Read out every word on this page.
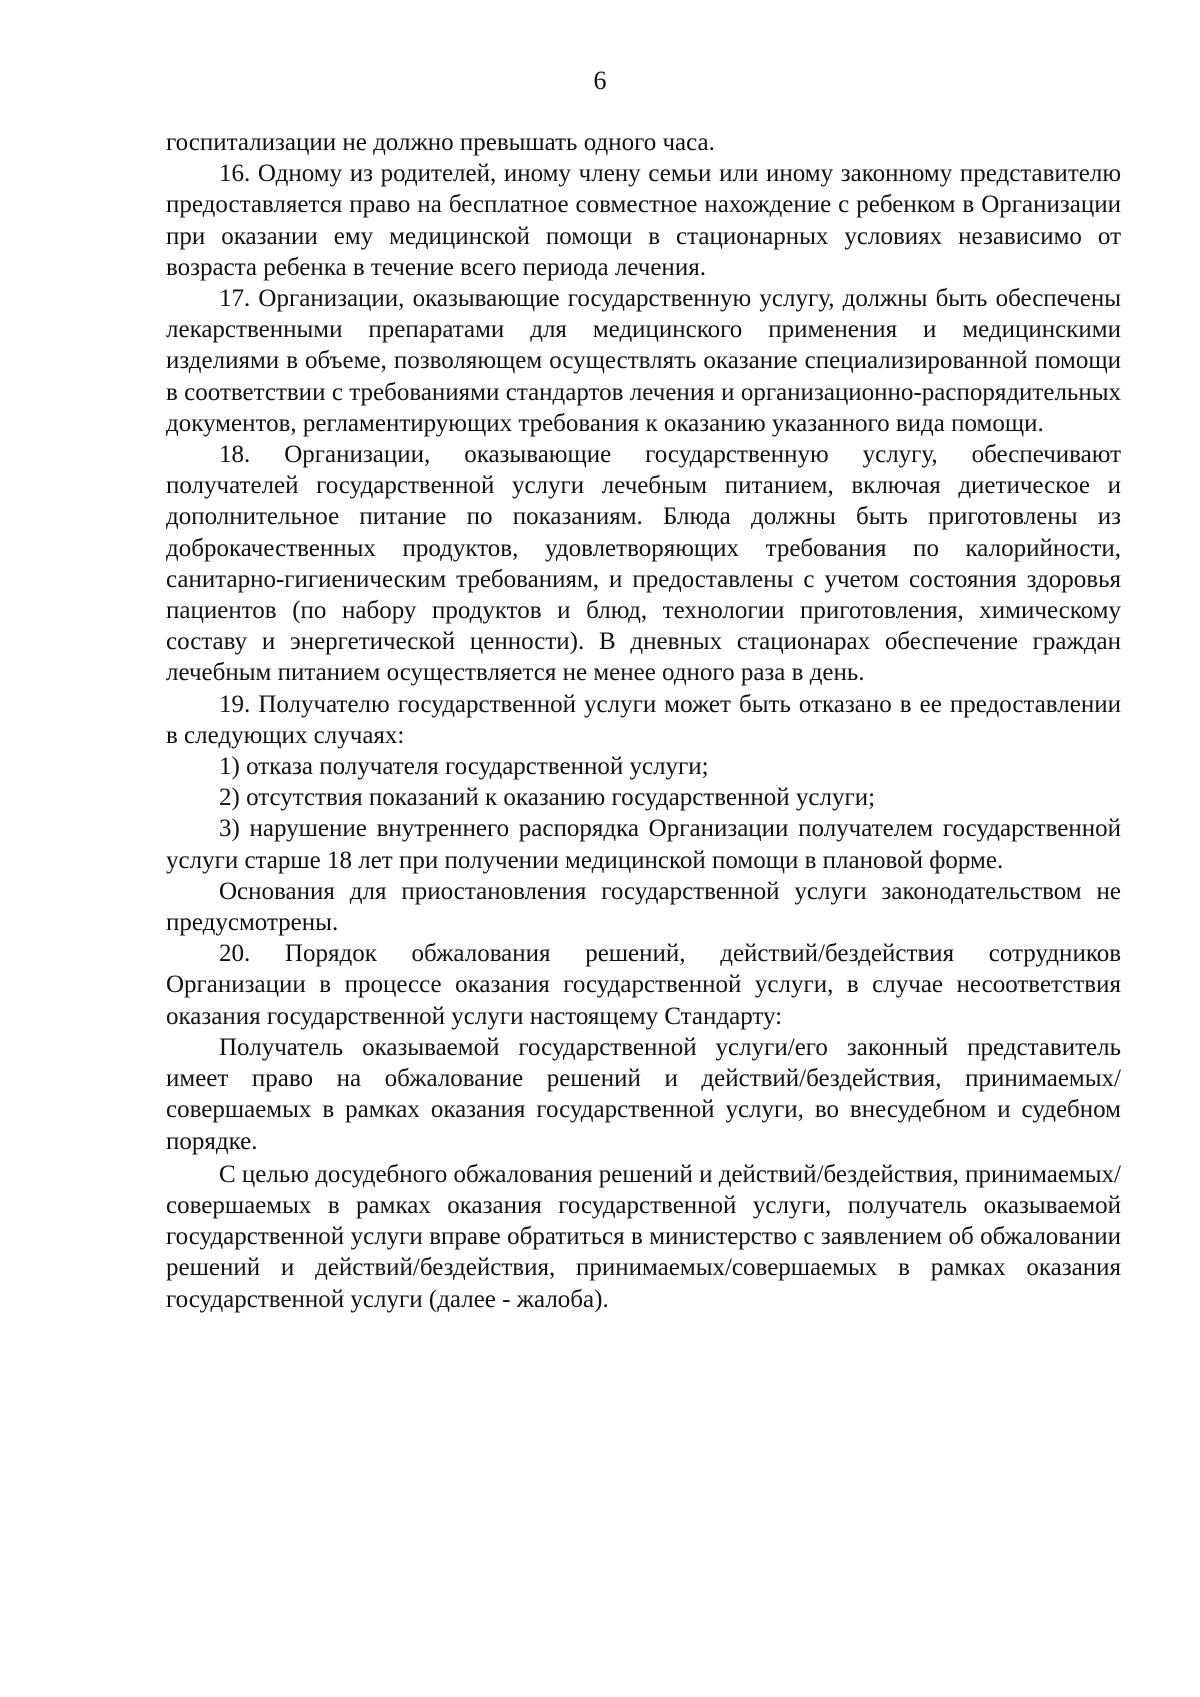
6

госпитализации не должно превышать одного часа.

16. Одному из родителей, иному члену семьи или иному законному представителю предоставляется право на бесплатное совместное нахождение с ребенком в Организации при оказании ему медицинской помощи в стационарных условиях независимо от возраста ребенка в течение всего периода лечения.

17. Организации, оказывающие государственную услугу, должны быть обеспечены лекарственными препаратами для медицинского применения и медицинскими изделиями в объеме, позволяющем осуществлять оказание специализированной помощи в соответствии с требованиями стандартов лечения и организационно-распорядительных документов, регламентирующих требования к оказанию указанного вида помощи.

18. Организации, оказывающие государственную услугу, обеспечивают получателей государственной услуги лечебным питанием, включая диетическое и дополнительное питание по показаниям. Блюда должны быть приготовлены из доброкачественных продуктов, удовлетворяющих требования по калорийности, санитарно-гигиеническим требованиям, и предоставлены с учетом состояния здоровья пациентов (по набору продуктов и блюд, технологии приготовления, химическому составу и энергетической ценности). В дневных стационарах обеспечение граждан лечебным питанием осуществляется не менее одного раза в день.

19. Получателю государственной услуги может быть отказано в ее предоставлении в следующих случаях:

1) отказа получателя государственной услуги;

2) отсутствия показаний к оказанию государственной услуги;

3) нарушение внутреннего распорядка Организации получателем государственной услуги старше 18 лет при получении медицинской помощи в плановой форме.

Основания для приостановления государственной услуги законодательством не предусмотрены.

20. Порядок обжалования решений, действий/бездействия сотрудников Организации в процессе оказания государственной услуги, в случае несоответствия оказания государственной услуги настоящему Стандарту:

Получатель оказываемой государственной услуги/его законный представитель имеет право на обжалование решений и действий/бездействия, принимаемых/совершаемых в рамках оказания государственной услуги, во внесудебном и судебном порядке.

С целью досудебного обжалования решений и действий/бездействия, принимаемых/совершаемых в рамках оказания государственной услуги, получатель оказываемой государственной услуги вправе обратиться в министерство с заявлением об обжаловании решений и действий/бездействия, принимаемых/совершаемых в рамках оказания государственной услуги (далее - жалоба).
